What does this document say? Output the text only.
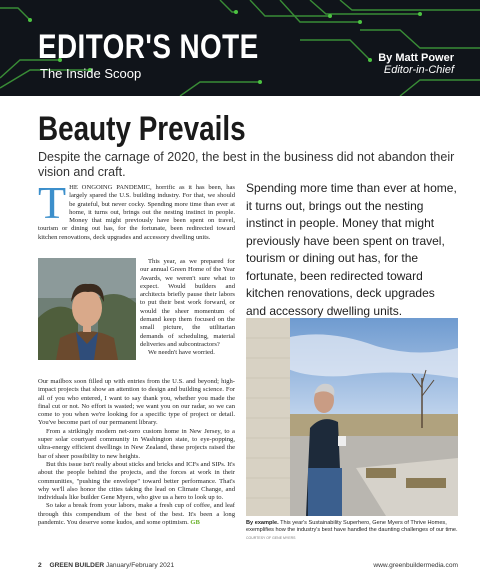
EDITOR'S NOTE
The Inside Scoop
By Matt Power
Editor-in-Chief
Beauty Prevails
Despite the carnage of 2020, the best in the business did not abandon their vision and craft.
T HE ONGOING PANDEMIC, horrific as it has been, has largely spared the U.S. building industry. For that, we should be grateful, but never cocky. Spending more time than ever at home, it turns out, brings out the nesting instinct in people. Money that might previously have been spent on travel, tourism or dining out has, for the fortunate, been redirected toward kitchen renovations, deck upgrades and accessory dwelling units.

This year, as we prepared for our annual Green Home of the Year Awards, we weren't sure what to expect. Would builders and architects briefly pause their labors to put their best work forward, or would the sheer momentum of demand keep them focused on the small picture, the utilitarian demands of scheduling, material deliveries and subcontractors?

We needn't have worried.

Our mailbox soon filled up with entries from the U.S. and beyond; high-impact projects that show an attention to design and building science. For all of you who entered, I want to say thank you, whether you made the final cut or not. No effort is wasted; we want you on our radar, so we can come to you when we're looking for a specific type of project or detail. You've become part of our permanent library.

From a strikingly modern net-zero custom home in New Jersey, to a super solar courtyard community in Washington state, to eye-popping, ultra-energy efficient dwellings in New Zealand, these projects raised the bar of sheer possibility to new heights.

But this issue isn't really about sticks and bricks and ICFs and SIPs. It's about the people behind the projects, and the forces at work in their communities, "pushing the envelope" toward better performance. That's why we'll also honor the cities taking the lead on Climate Change, and individuals like builder Gene Myers, who give us a hero to look up to.

So take a break from your labors, make a fresh cup of coffee, and leaf through this compendium of the best of the best. It's been a long pandemic. You deserve some kudos, and some optimism. GB

Spending more time than ever at home, it turns out, brings out the nesting instinct in people. Money that might previously have been spent on travel, tourism or dining out has, for the fortunate, been redirected toward kitchen renovations, deck upgrades and accessory dwelling units.
By example. This year's Sustainability Superhero, Gene Myers of Thrive Homes, exemplifies how the industry's best have handled the daunting challenges of our time. COURTESY OF GENE MYERS
2 GREEN BUILDER January/February 2021	www.greenbuildermedia.com
